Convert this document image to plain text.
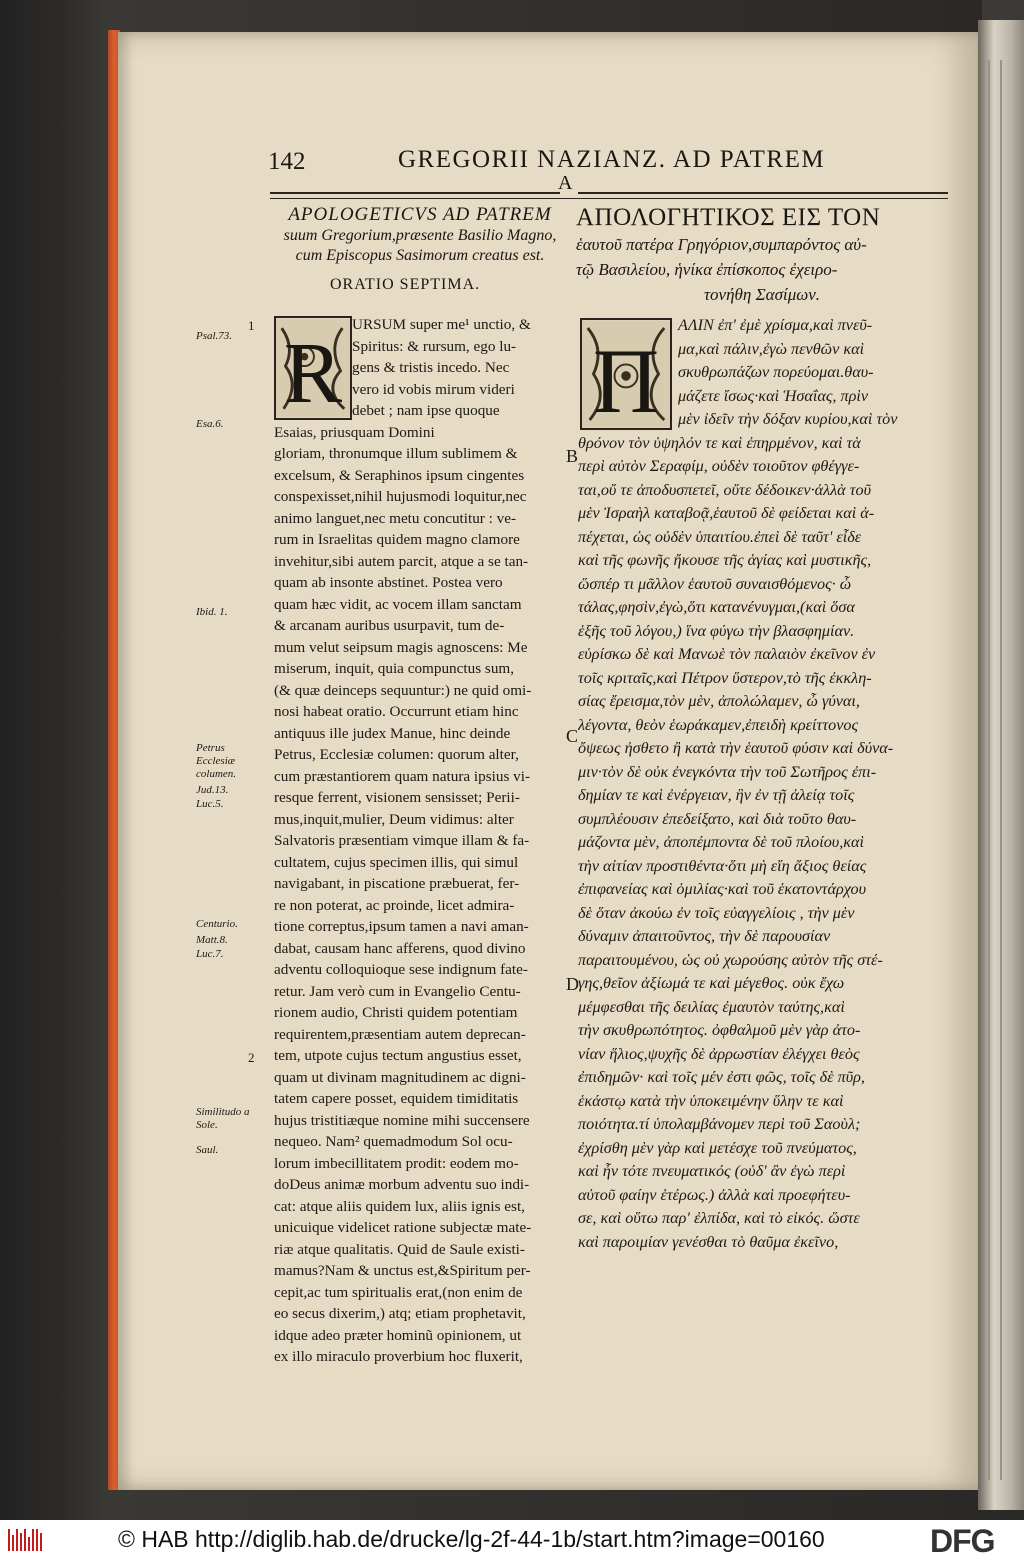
142	GREGORII NAZIANZ. AD PATREM
A
APOLOGETICVS AD PATREM
suum Gregorium,præsente Basilio Magno,
cum Episcopus Sasimorum creatus est.
ORATIO SEPTIMA.
ΑΠΟΛΟΓΗΤΙΚΟΣ ΕΙΣ ΤΟΝ
ἑαυτοῦ πατέρα Γρηγόριον,συμπαρόντος αὐ-
τῷ Βασιλείου, ἡνίκα ἐπίσκοπος ἐχειρο-
τονήθη Σασίμων.
R	Π
URSUM super me¹ unctio, &
Spiritus: & rursum, ego lu-
gens & tristis incedo. Nec
vero id vobis mirum videri
debet ; nam ipse quoque
Esaias, priusquam Domini
gloriam, thronumque illum sublimem &
excelsum, & Seraphinos ipsum cingentes
conspexisset,nihil hujusmodi loquitur,nec
animo languet,nec metu concutitur : ve-
rum in Israelitas quidem magno clamore
invehitur,sibi autem parcit, atque a se tan-
quam ab insonte abstinet. Postea vero
quam hæc vidit, ac vocem illam sanctam
& arcanam auribus usurpavit, tum de-
mum velut seipsum magis agnoscens: Me
miserum, inquit, quia compunctus sum,
(& quæ deinceps sequuntur:) ne quid omi-
nosi habeat oratio. Occurrunt etiam hinc
antiquus ille judex Manue, hinc deinde
Petrus, Ecclesiæ columen: quorum alter,
cum præstantiorem quam natura ipsius vi-
resque ferrent, visionem sensisset; Perii-
mus,inquit,mulier, Deum vidimus: alter
Salvatoris præsentiam vimque illam & fa-
cultatem, cujus specimen illis, qui simul
navigabant, in piscatione præbuerat, fer-
re non poterat, ac proinde, licet admira-
tione correptus,ipsum tamen a navi aman-
dabat, causam hanc afferens, quod divino
adventu colloquioque sese indignum fate-
retur. Jam verò cum in Evangelio Centu-
rionem audio, Christi quidem potentiam
requirentem,præsentiam autem deprecan-
tem, utpote cujus tectum angustius esset,
quam ut divinam magnitudinem ac digni-
tatem capere posset, equidem timiditatis
hujus tristitiæque nomine mihi succensere
nequeo. Nam² quemadmodum Sol ocu-
lorum imbecillitatem prodit: eodem mo-
doDeus animæ morbum adventu suo indi-
cat: atque aliis quidem lux, aliis ignis est,
unicuique videlicet ratione subjectæ mate-
riæ atque qualitatis. Quid de Saule existi-
mamus?Nam & unctus est,&Spiritum per-
cepit,ac tum spiritualis erat,(non enim de
eo secus dixerim,) atq; etiam prophetavit,
idque adeo præter hominũ opinionem, ut
ex illo miraculo proverbium hoc fluxerit,
ΑΛΙΝ ἐπ' ἐμὲ χρίσμα,καὶ πνεῦ-
μα,καὶ πάλιν,ἐγὼ πενθῶν καὶ
σκυθρωπάζων πορεύομαι.θαυ-
μάζετε ἴσως·καὶ Ἡσαΐας, πρὶν
μὲν ἰδεῖν τὴν δόξαν κυρίου,καὶ τὸν
θρόνον τὸν ὑψηλόν τε καὶ ἐπηρμένον, καὶ τὰ
περὶ αὐτὸν Σεραφίμ, οὐδὲν τοιοῦτον φθέγγε-
ται,οὔ τε ἀποδυσπετεῖ, οὔτε δέδοικεν·ἀλλὰ τοῦ
μὲν Ἰσραὴλ καταβοᾷ,ἑαυτοῦ δὲ φείδεται καὶ ἀ-
πέχεται, ὡς οὐδὲν ὑπαιτίου.ἐπεὶ δὲ ταῦτ' εἶδε
καὶ τῆς φωνῆς ἤκουσε τῆς ἁγίας καὶ μυστικῆς,
ὥσπέρ τι μᾶλλον ἑαυτοῦ συναισθόμενος· ὦ
τάλας,φησὶν,ἐγὼ,ὅτι κατανένυγμαι,(καὶ ὅσα
ἑξῆς τοῦ λόγου,) ἵνα φύγω τὴν βλασφημίαν.
εὑρίσκω δὲ καὶ Μανωὲ τὸν παλαιὸν ἐκεῖνον ἐν
τοῖς κριταῖς,καὶ Πέτρον ὕστερον,τὸ τῆς ἐκκλη-
σίας ἔρεισμα,τὸν μὲν, ἀπολώλαμεν, ὦ γύναι,
λέγοντα, θεὸν ἑωράκαμεν,ἐπειδὴ κρείττονος
ὄψεως ἠσθετο ἢ κατὰ τὴν ἑαυτοῦ φύσιν καὶ δύνα-
μιν·τὸν δὲ οὐκ ἐνεγκόντα τὴν τοῦ Σωτῆρος ἐπι-
δημίαν τε καὶ ἐνέργειαν, ἣν ἐν τῇ ἁλείᾳ τοῖς
συμπλέουσιν ἐπεδείξατο, καὶ διὰ τοῦτο θαυ-
μάζοντα μὲν, ἀποπέμποντα δὲ τοῦ πλοίου,καὶ
τὴν αἰτίαν προστιθέντα·ὅτι μὴ εἴη ἄξιος θείας
ἐπιφανείας καὶ ὁμιλίας·καὶ τοῦ ἑκατοντάρχου
δὲ ὅταν ἀκούω ἐν τοῖς εὐαγγελίοις , τὴν μὲν
δύναμιν ἀπαιτοῦντος, τὴν δὲ παρουσίαν
παραιτουμένου, ὡς οὐ χωρούσης αὐτὸν τῆς στέ-
γης,θεῖον ἀξίωμά τε καὶ μέγεθος. οὐκ ἔχω
μέμφεσθαι τῆς δειλίας ἐμαυτὸν ταύτης,καὶ
τὴν σκυθρωπότητος. ὀφθαλμοῦ μὲν γὰρ ἀτο-
νίαν ἥλιος,ψυχῆς δὲ ἀρρωστίαν ἐλέγχει θεὸς
ἐπιδημῶν· καὶ τοῖς μέν ἐστι φῶς, τοῖς δὲ πῦρ,
ἑκάστῳ κατὰ τὴν ὑποκειμένην ὕλην τε καὶ
ποιότητα.τί ὑπολαμβάνομεν περὶ τοῦ Σαοὺλ;
ἐχρίσθη μὲν γὰρ καὶ μετέσχε τοῦ πνεύματος,
καὶ ἦν τότε πνευματικός (οὐδ' ἂν ἐγὼ περὶ
αὐτοῦ φαίην ἑτέρως.) ἀλλὰ καὶ προεφήτευ-
σε, καὶ οὕτω παρ' ἐλπίδα, καὶ τὸ εἰκός. ὥστε
καὶ παροιμίαν γενέσθαι τὸ θαῦμα ἐκεῖνο,
Psal.73.
Esa.6.
Ibid. 1.
Petrus Ecclesiæ columen.
Jud.13.
Luc.5.
Centurio.
Matt.8.
Luc.7.
Similitudo a Sole.
Saul.
1
2
B
C
D
© HAB http://diglib.hab.de/drucke/lg-2f-44-1b/start.htm?image=00160	DFG
